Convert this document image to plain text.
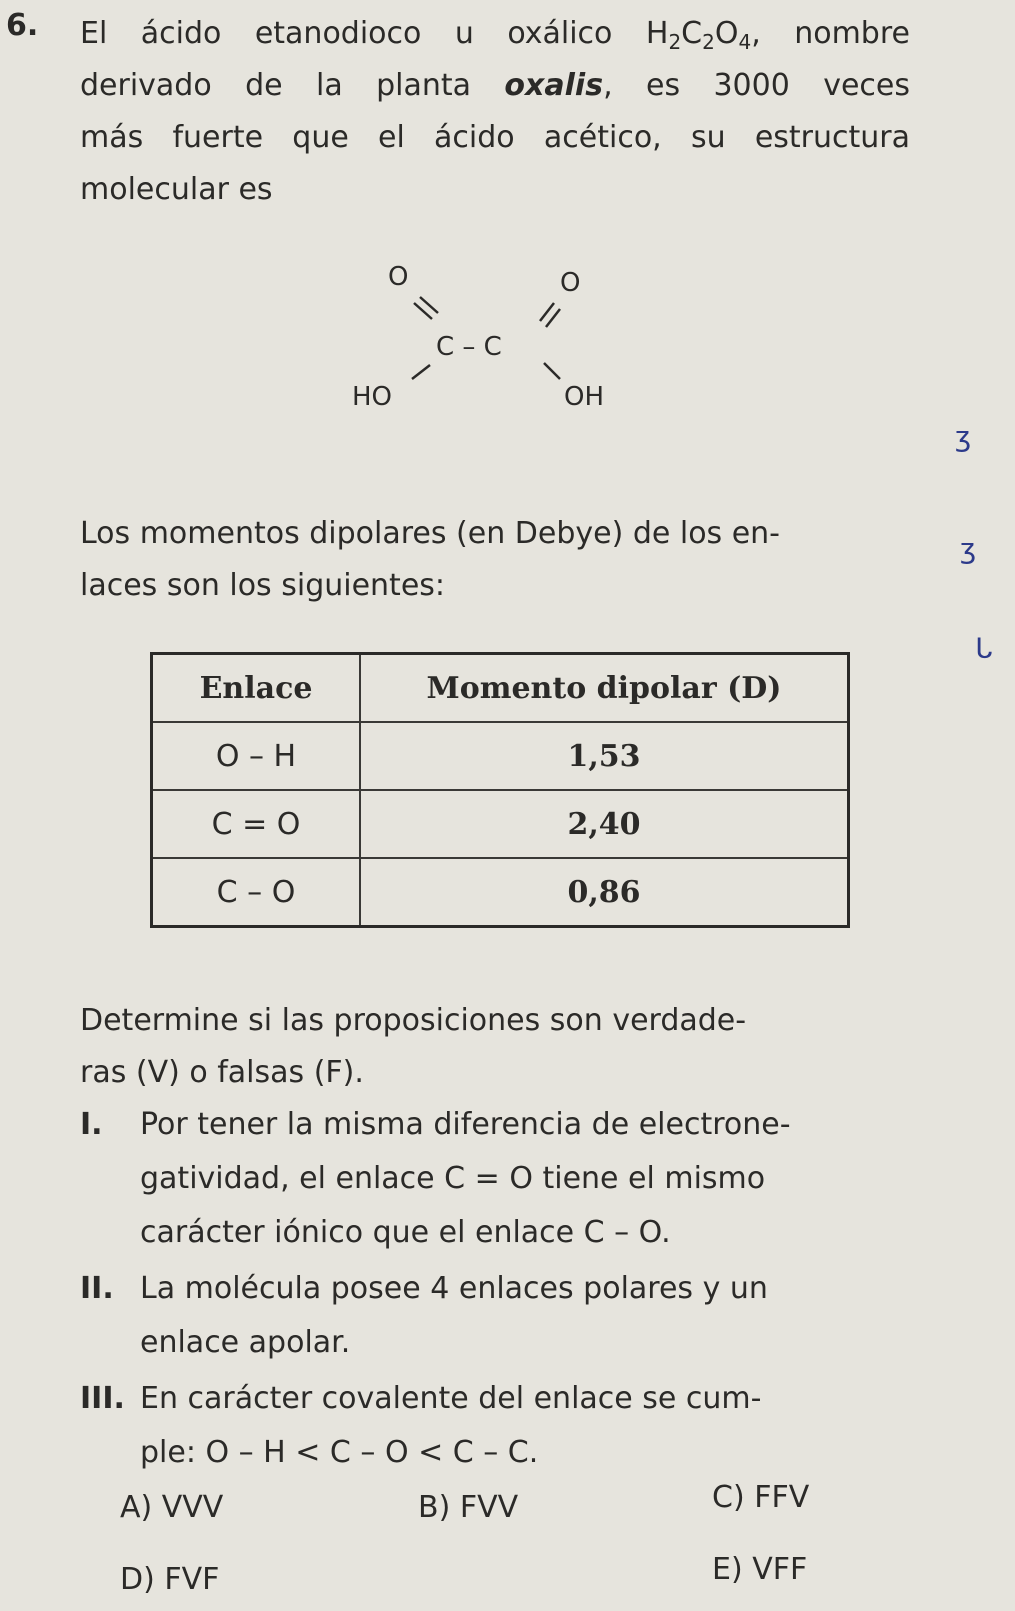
6. El ácido etanodioco u oxálico $H_2C_2O_4$, nombre
derivado de la planta oxalis, es 3000 veces
más fuerte que el ácido acético, su estructura
molecular es
O	O
C – C
HO	OH
Los momentos dipolares (en Debye) de los en-
laces son los siguientes:
Enlace	Momento dipolar (D)
O – H	1,53
C = O	2,40
C – O	0,86
Determine si las proposiciones son verdade-
ras (V) o falsas (F).
I. Por tener la misma diferencia de electrone-
gatividad, el enlace C = O tiene el mismo
carácter iónico que el enlace C – O.
II. La molécula posee 4 enlaces polares y un
enlace apolar.
III. En carácter covalente del enlace se cum-
ple: O – H < C – O < C – C.
A) VVV	B) FVV	C) FFV
D) FVF	E) VFF
ʒ
ʒ
ᒐ
